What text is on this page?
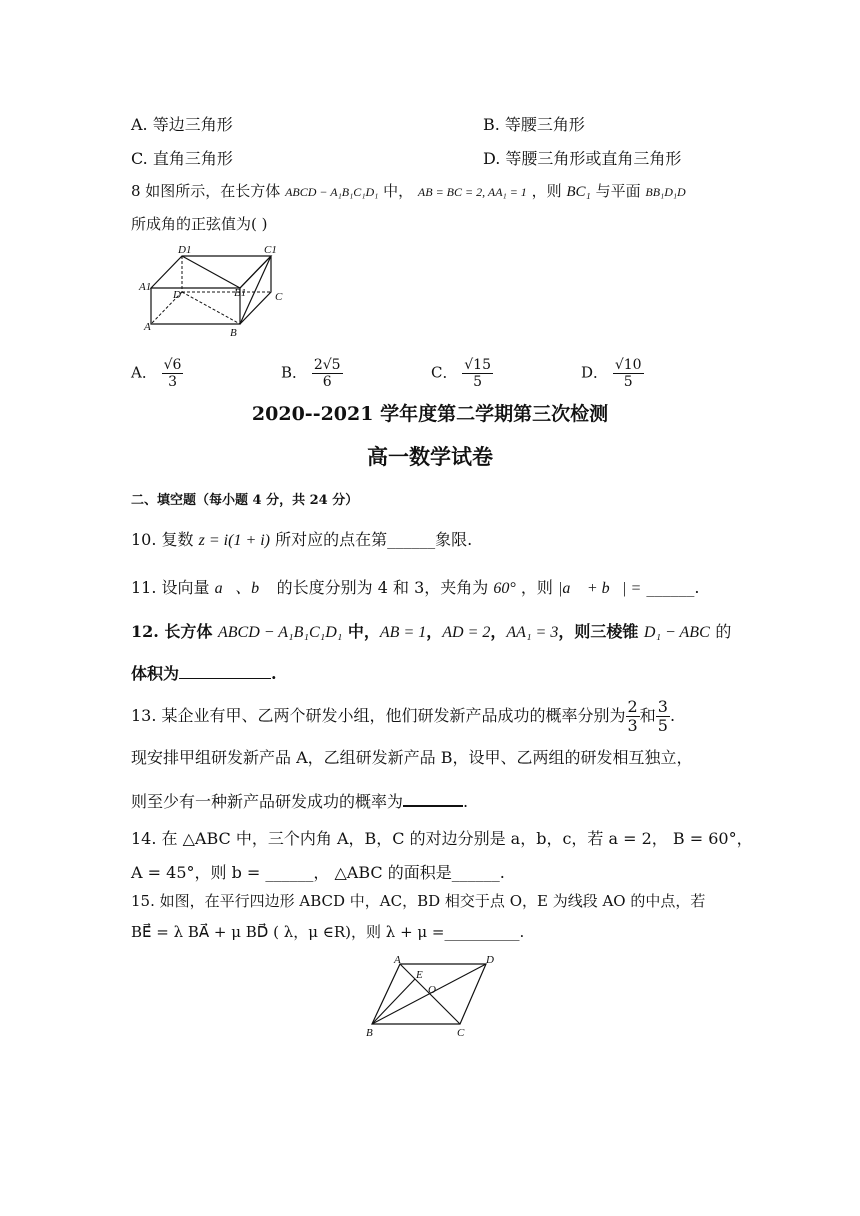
A. 等边三角形	B. 等腰三角形
C. 直角三角形	D. 等腰三角形或直角三角形
8 如图所示，在长方体 ABCD − A₁B₁C₁D₁ 中， AB = BC = 2, AA₁ = 1 ，则 BC₁ 与平面 BB₁D₁D
所成角的正弦值为( )
D1	C1
A1
D	B1	C
A	B
A． $\frac{√6}{3}$	B． $\frac{2√5}{6}$	C． $\frac{√15}{5}$	D． $\frac{√10}{5}$
2020--2021 学年度第二学期第三次检测
高一数学试卷
二、填空题（每小题 4 分，共 24 分）
10. 复数 z = i(1 + i) 所对应的点在第______象限.
11. 设向量 a⃗、b⃗ 的长度分别为 4 和 3，夹角为 60° ，则 |a⃗ + b⃗| = ______.
12. 长方体 ABCD − A₁B₁C₁D₁ 中，AB = 1，AD = 2，AA₁ = 3，则三棱锥 D₁ − ABC 的
体积为	.
13. 某企业有甲、乙两个研发小组，他们研发新产品成功的概率分别为 $\frac{2}{3}$ 和 $\frac{3}{5}$ .
现安排甲组研发新产品 A，乙组研发新产品 B，设甲、乙两组的研发相互独立，
则至少有一种新产品研发成功的概率为	.
14. 在 △ABC 中，三个内角 A，B，C 的对边分别是 a，b，c，若 a = 2， B = 60°，
A = 45°，则 b = ______， △ABC 的面积是______.
15. 如图，在平行四边形 ABCD 中，AC，BD 相交于点 O，E 为线段 AO 的中点，若
BE⃗ = λ BA⃗ + μ BD⃗ ( λ，μ ∈R)，则 λ + μ =__________.
A	D
E
O
B	C
